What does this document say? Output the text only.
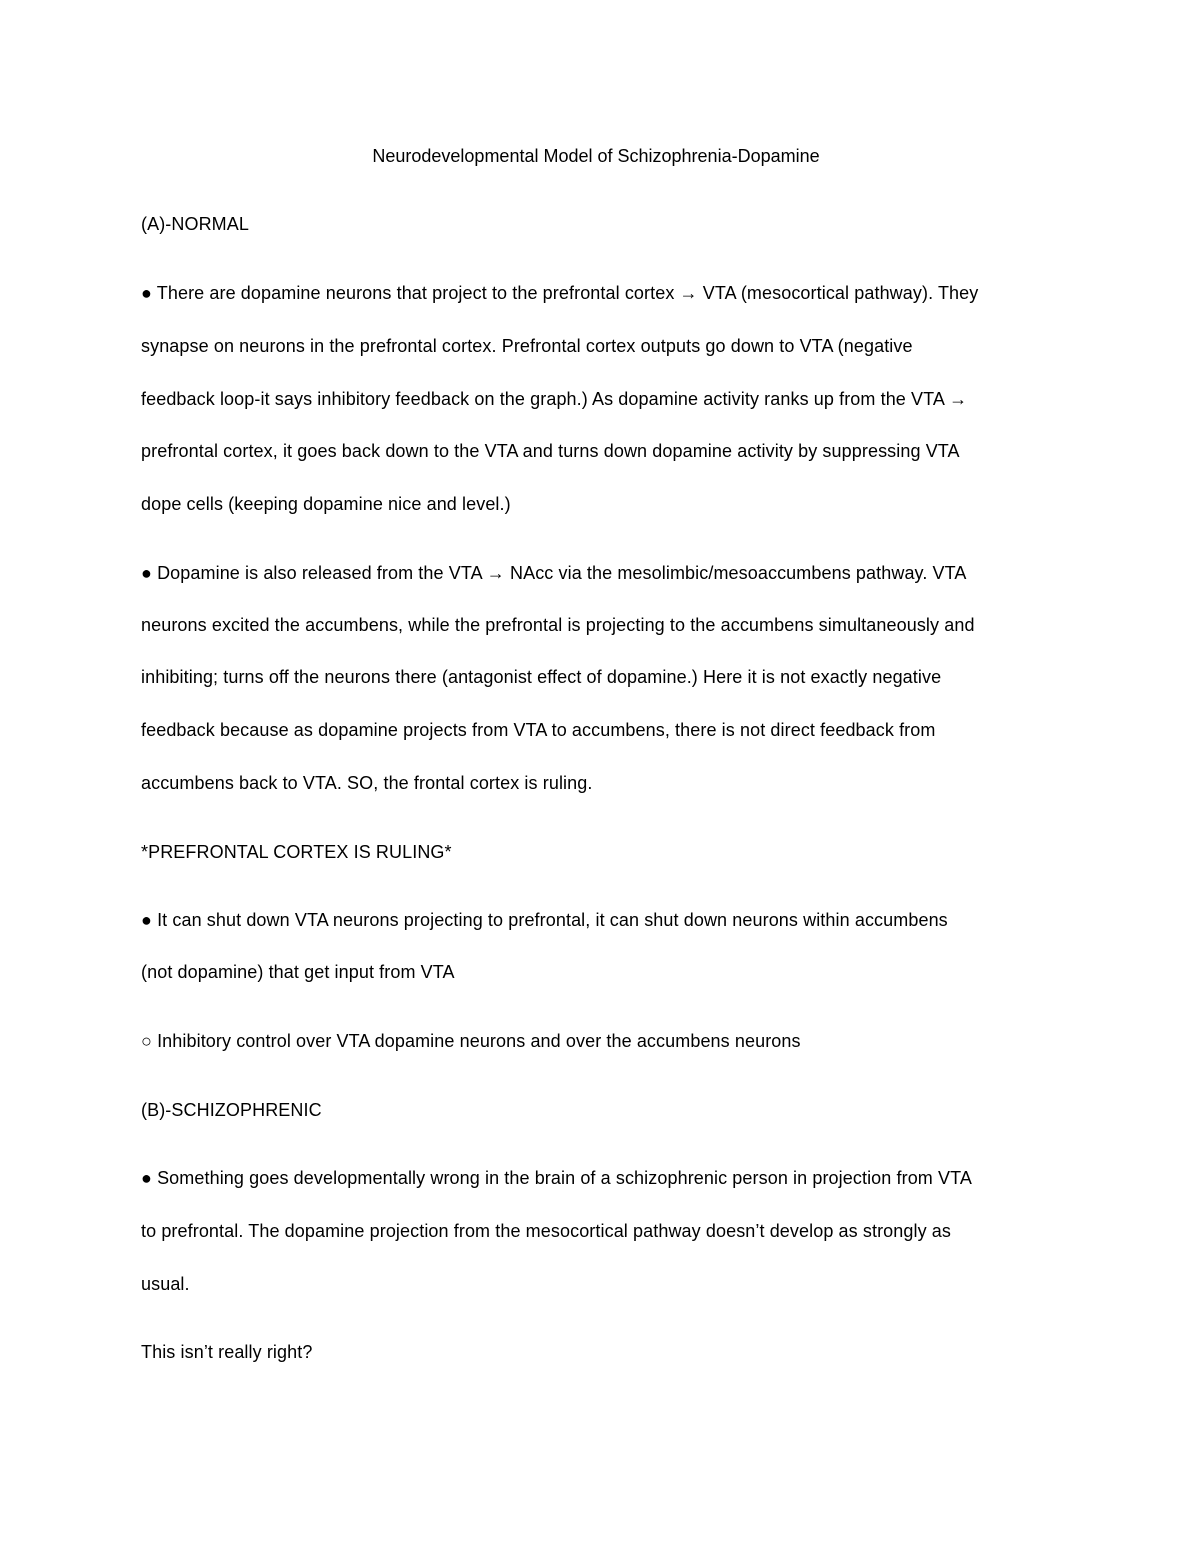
Neurodevelopmental Model of Schizophrenia-Dopamine
(A)-NORMAL
● There are dopamine neurons that project to the prefrontal cortex → VTA (mesocortical pathway). They
synapse on neurons in the prefrontal cortex. Prefrontal cortex outputs go down to VTA (negative
feedback loop-it says inhibitory feedback on the graph.) As dopamine activity ranks up from the VTA →
prefrontal cortex, it goes back down to the VTA and turns down dopamine activity by suppressing VTA
dope cells (keeping dopamine nice and level.)
● Dopamine is also released from the VTA → NAcc via the mesolimbic/mesoaccumbens pathway. VTA
neurons excited the accumbens, while the prefrontal is projecting to the accumbens simultaneously and
inhibiting; turns off the neurons there (antagonist effect of dopamine.) Here it is not exactly negative
feedback because as dopamine projects from VTA to accumbens, there is not direct feedback from
accumbens back to VTA. SO, the frontal cortex is ruling.
*PREFRONTAL CORTEX IS RULING*
● It can shut down VTA neurons projecting to prefrontal, it can shut down neurons within accumbens
(not dopamine) that get input from VTA
○ Inhibitory control over VTA dopamine neurons and over the accumbens neurons
(B)-SCHIZOPHRENIC
● Something goes developmentally wrong in the brain of a schizophrenic person in projection from VTA
to prefrontal. The dopamine projection from the mesocortical pathway doesn’t develop as strongly as
usual.
This isn’t really right?
